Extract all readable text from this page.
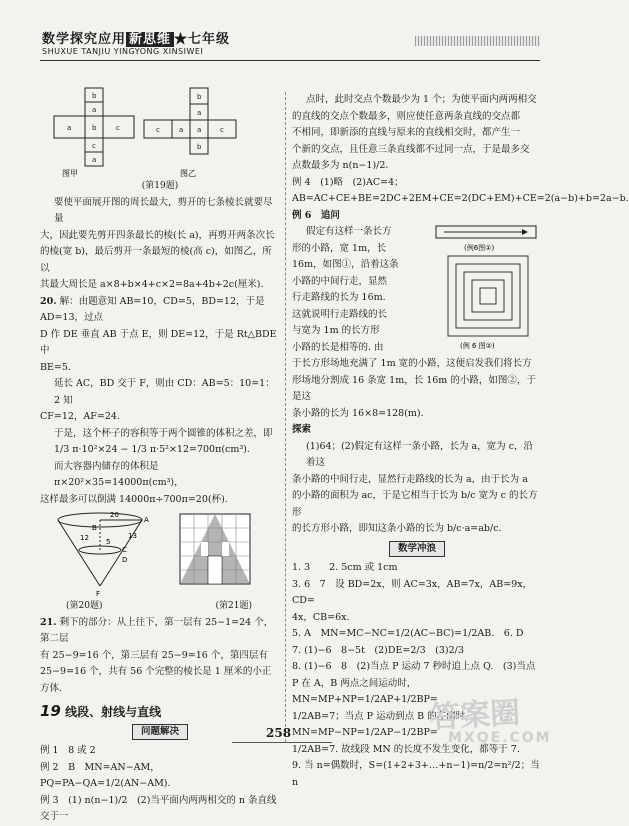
数学探究应用 新思维 ★七年级
SHUXUE TANJIU YINGYONG XINSIWEI
b
a
a	b	c
c
a
b
a
c	a a	c
b
图甲	图乙

(第19题)

要使平面展开图的周长最大，剪开的七条棱长就要尽量

大，因此要先剪开四条最长的棱(长 a)，再剪开两条次长

的棱(宽 b)，最后剪开一条最短的棱(高 c)，如图乙，所以

其最大周长是 a×8+b×4+c×2=8a+4b+2c(厘米).

20. 解：由题意知 AB=10，CD=5，BD=12，于是 AD=13，过点

D 作 DE 垂直 AB 于点 E，则 DE=12，于是 Rt△BDE 中

BE=5.

延长 AC，BD 交于 F，则由 CD：AB=5：10=1：2 知

CF=12，AF=24.

于是，这个杯子的容积等于两个圆锥的体积之差，即

1/3 π·10²×24 − 1/3 π·5²×12=700π(cm³).

而大容器内储存的体积是 π×20²×35=14000π(cm³)，

这样最多可以倒满 14000π÷700π=20(杯).

20
A
B
C
D
F
12 5
13
(第20题)	(第21题)

21. 剩下的部分：从上往下，第一层有 25−1=24 个，第二层

有 25−9=16 个，第三层有 25−9=16 个，第四层有

25−9=16 个，共有 56 个完整的棱长是 1 厘米的小正方体.

19 线段、射线与直线
问题解决

例 1　8 或 2

例 2　B　MN=AN−AM，PQ=PA−QA=1/2(AN−AM).

例 3　(1) n(n−1)/2　(2)当平面内两两相交的 n 条直线交于一

点时，此时交点个数最少为 1 个；为使平面内两两相交

的直线的交点个数最多，则应使任意两条直线的交点都

不相同，即新添的直线与原来的直线相交时，都产生一

个新的交点，且任意三条直线都不过同一点，于是最多交

点数最多为 n(n−1)/2.

例 4　(1)略　(2)AC=4；AB=AC+CE+BE=2DC+2EM+CE=2(DC+EM)+CE=2(a−b)+b=2a−b.

例 6　追问

假定有这样一条长方

形的小路，宽 1m，长

16m，如图①，沿着这条

小路的中间行走，显然

行走路线的长为 16m.

这就说明行走路线的长

与宽为 1m 的长方形

小路的长是相等的. 由

(例6图①)
(例 6 图②)

于长方形场地充满了 1m 宽的小路，这便启发我们将长方

形场地分割成 16 条宽 1m，长 16m 的小路，如图②，于是这

条小路的长为 16×8=128(m).

探索

(1)64；(2)假定有这样一条小路，长为 a，宽为 c，沿着这

条小路的中间行走，显然行走路线的长为 a，由于长为 a

的小路的面积为 ac，于是它相当于长为 b/c 宽为 c 的长方形

的长方形小路，即知这条小路的长为 b/c·a=ab/c.

数学冲浪

1. 3　　2. 5cm 或 1cm

3. 6　7　设 BD=2x，则 AC=3x，AB=7x，AB=9x，CD=

4x，CB=6x.

5. A　MN=MC−NC=1/2(AC−BC)=1/2AB.　6. D

7. (1)−6　8−5t　(2)DE=2/3　(3)2/3

8. (1)−6　8　(2)当点 P 运动 7 秒时追上点 Q.　(3)当点

P 在 A，B 两点之间运动时，MN=MP+NP=1/2AP+1/2BP=

1/2AB=7；当点 P 运动到点 B 的左侧时，MN=MP−NP=1/2AP−1/2BP=

1/2AB=7. 故线段 MN 的长度不发生变化，都等于 7.

9. 当 n=偶数时，S=(1+2+3+…+n−1)=n/2=n²/2；当 n

258	答案圈
MXQE.COM
